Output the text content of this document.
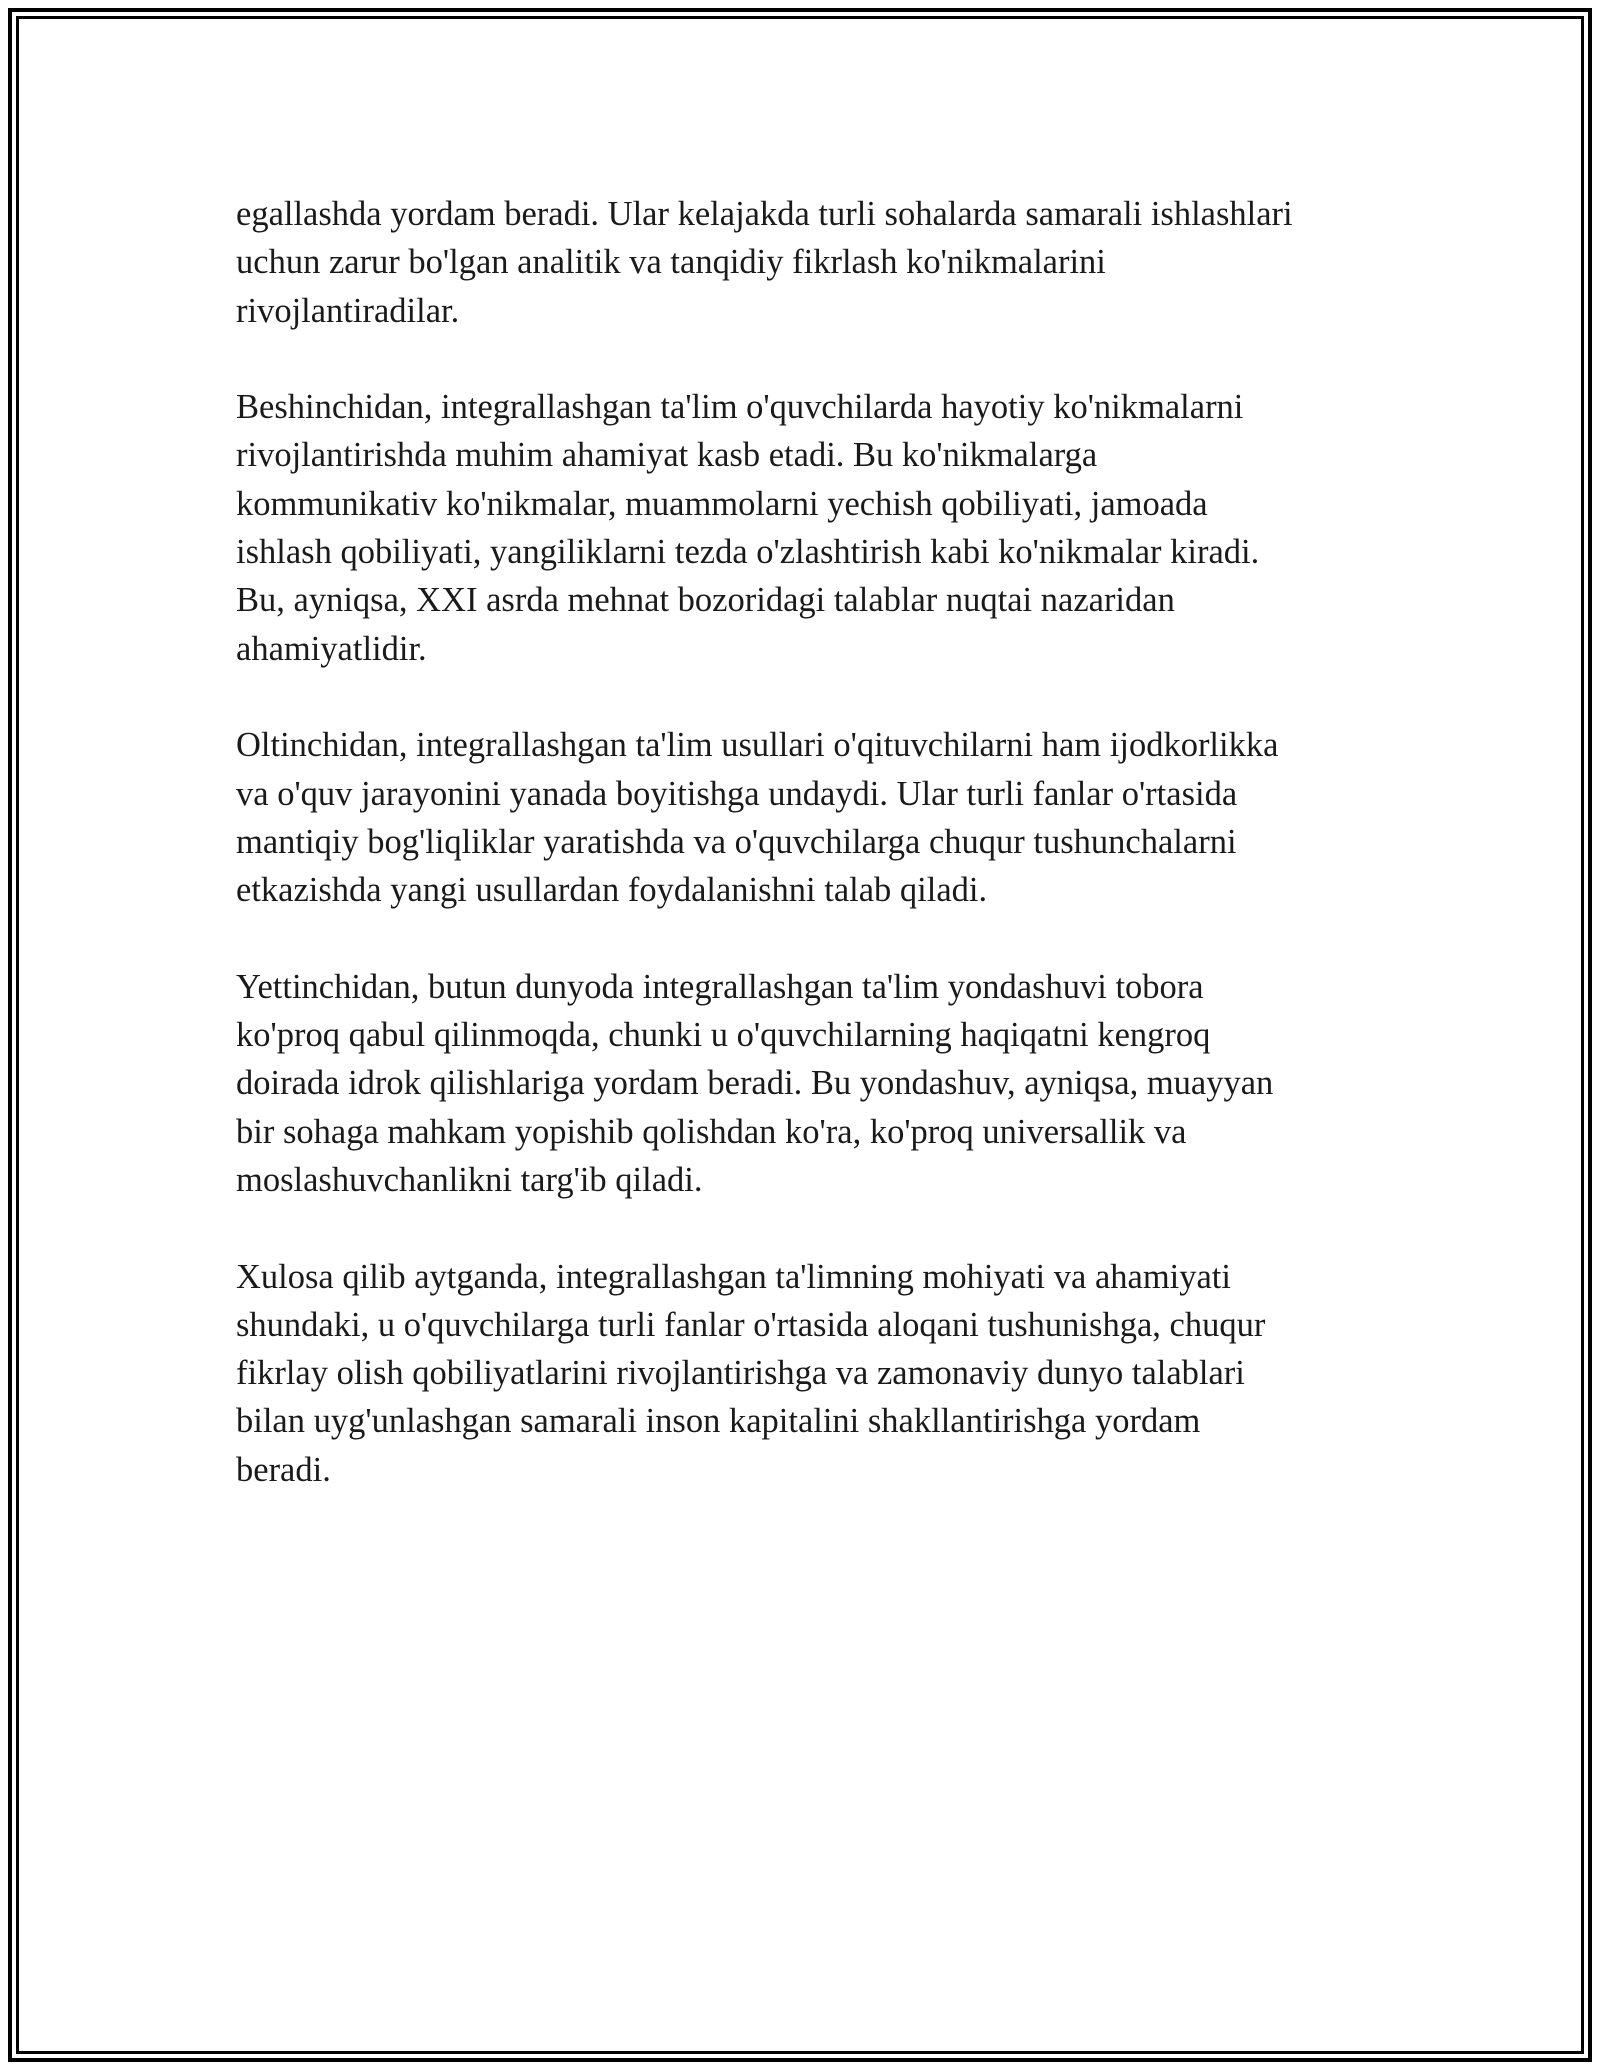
egallashda yordam beradi. Ular kelajakda turli sohalarda samarali ishlashlari
uchun zarur bo'lgan analitik va tanqidiy fikrlash ko'nikmalarini
rivojlantiradilar.

Beshinchidan, integrallashgan ta'lim o'quvchilarda hayotiy ko'nikmalarni
rivojlantirishda muhim ahamiyat kasb etadi. Bu ko'nikmalarga
kommunikativ ko'nikmalar, muammolarni yechish qobiliyati, jamoada
ishlash qobiliyati, yangiliklarni tezda o'zlashtirish kabi ko'nikmalar kiradi.
Bu, ayniqsa, XXI asrda mehnat bozoridagi talablar nuqtai nazaridan
ahamiyatlidir.

Oltinchidan, integrallashgan ta'lim usullari o'qituvchilarni ham ijodkorlikka
va o'quv jarayonini yanada boyitishga undaydi. Ular turli fanlar o'rtasida
mantiqiy bog'liqliklar yaratishda va o'quvchilarga chuqur tushunchalarni
etkazishda yangi usullardan foydalanishni talab qiladi.

Yettinchidan, butun dunyoda integrallashgan ta'lim yondashuvi tobora
ko'proq qabul qilinmoqda, chunki u o'quvchilarning haqiqatni kengroq
doirada idrok qilishlariga yordam beradi. Bu yondashuv, ayniqsa, muayyan
bir sohaga mahkam yopishib qolishdan ko'ra, ko'proq universallik va
moslashuvchanlikni targ'ib qiladi.

Xulosa qilib aytganda, integrallashgan ta'limning mohiyati va ahamiyati
shundaki, u o'quvchilarga turli fanlar o'rtasida aloqani tushunishga, chuqur
fikrlay olish qobiliyatlarini rivojlantirishga va zamonaviy dunyo talablari
bilan uyg'unlashgan samarali inson kapitalini shakllantirishga yordam
beradi.
